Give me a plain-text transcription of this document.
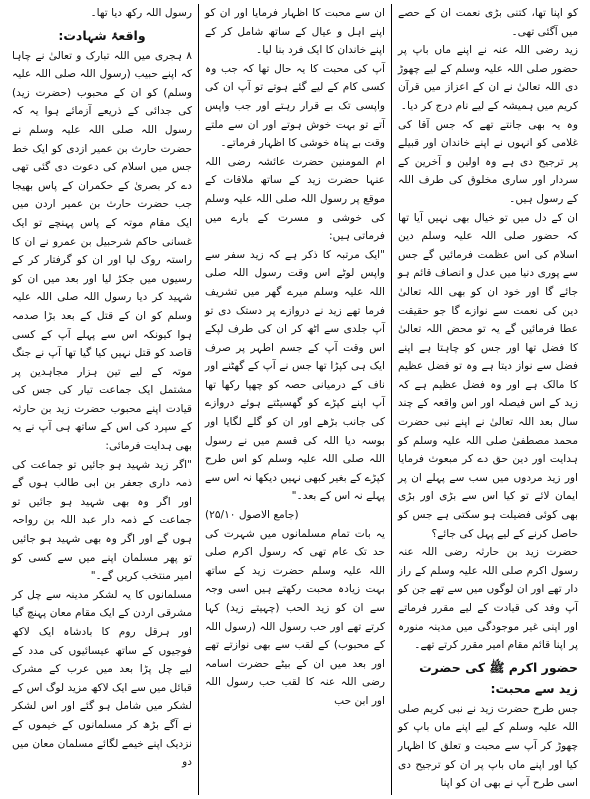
کو اپنا تھا، کتنی بڑی نعمت ان کے حصے میں آگئی تھی۔

زید رضی اللہ عنہ نے اپنے ماں باپ پر حضور صلی اللہ علیہ وسلم کے لیے چھوڑ دی اللہ تعالیٰ نے ان کے اعزاز میں قرآن کریم میں ہمیشہ کے لیے نام درج کر دیا۔

وہ یہ بھی جانتے تھے کہ جس آقا کی غلامی کو انہوں نے اپنے خاندان اور قبیلے پر ترجیح دی ہے وہ اولین و آخرین کے سردار اور ساری مخلوق کی طرف اللہ کے رسول ہیں۔

ان کے دل میں تو خیال بھی نہیں آیا تھا کہ حضور صلی اللہ علیہ وسلم دین اسلام کی اس عظمت فرمائیں گے جس سے پوری دنیا میں عدل و انصاف قائم ہو جائے گا اور خود ان کو بھی اللہ تعالیٰ دین کی نعمت سے نوازے گا جو حقیقت عطا فرمائیں گے یہ تو محض اللہ تعالیٰ کا فضل تھا اور جس کو چاہتا ہے اپنے فضل سے نواز دیتا ہے وہ تو فضل عظیم کا مالک ہے اور وہ فضل عظیم ہے کہ زید کے اس فیصلہ اور اس واقعہ کے چند سال بعد اللہ تعالیٰ نے اپنے نبی حضرت محمد مصطفیٰ صلی اللہ علیہ وسلم کو ہدایت اور دین حق دے کر مبعوث فرمایا اور زید مردوں میں سب سے پہلے ان پر ایمان لائے تو کیا اس سے بڑی اور بڑی بھی کوئی فضیلت ہو سکتی ہے جس کو حاصل کرنے کے لیے پہل کی جائے؟

حضرت زید بن حارثہ رضی اللہ عنہ رسول اکرم صلی اللہ علیہ وسلم کے راز دار تھے اور ان لوگوں میں سے تھے جن کو آپ وفد کی قیادت کے لیے مقرر فرماتے اور اپنی غیر موجودگی میں مدینہ منورہ پر اپنا قائم مقام امیر مقرر کرتے تھے۔

حضور اکرم ﷺ کی حضرت زید سے محبت:

جس طرح حضرت زید نے نبی کریم صلی اللہ علیہ وسلم کے لیے اپنے ماں باپ کو چھوڑ کر آپ سے محبت و تعلق کا اظہار کیا اور اپنے ماں باپ پر ان کو ترجیح دی اسی طرح آپ نے بھی ان کو اپنا

ان سے محبت کا اظہار فرمایا اور ان کو اپنے اہل و عیال کے ساتھ شامل کر کے اپنے خاندان کا ایک فرد بنا لیا۔

آپ کی محبت کا یہ حال تھا کہ جب وہ کسی کام کے لیے گئے ہوتے تو آپ ان کی واپسی تک بے قرار رہتے اور جب واپس آتے تو بہت خوش ہوتے اور ان سے ملتے وقت بے پناہ خوشی کا اظہار فرماتے۔

ام المومنین حضرت عائشہ رضی اللہ عنہا حضرت زید کے ساتھ ملاقات کے موقع پر رسول اللہ صلی اللہ علیہ وسلم کی خوشی و مسرت کے بارے میں فرماتی ہیں:

"ایک مرتبہ کا ذکر ہے کہ زید سفر سے واپس لوٹے اس وقت رسول اللہ صلی اللہ علیہ وسلم میرے گھر میں تشریف فرما تھے زید نے دروازے پر دستک دی تو آپ جلدی سے اٹھ کر ان کی طرف لپکے اس وقت آپ کے جسم اطہر پر صرف ایک ہی کپڑا تھا جس نے آپ کے گھٹنے اور ناف کے درمیانی حصہ کو چھپا رکھا تھا آپ اپنے کپڑے کو گھسیٹتے ہوئے دروازے کی جانب بڑھے اور ان کو گلے لگایا اور بوسہ دیا اللہ کی قسم میں نے رسول اللہ صلی اللہ علیہ وسلم کو اس طرح کپڑے کے بغیر کبھی نہیں دیکھا نہ اس سے پہلے نہ اس کے بعد۔"

(جامع الاصول ۲۵/۱۰)

یہ بات تمام مسلمانوں میں شہرت کی حد تک عام تھی کہ رسول اکرم صلی اللہ علیہ وسلم حضرت زید کے ساتھ بہت زیادہ محبت رکھتے ہیں اسی وجہ سے ان کو زید الحب (چہیتے زید) کہا کرتے تھے اور حب رسول اللہ (رسول اللہ کے محبوب) کے لقب سے بھی نوازتے تھے اور بعد میں ان کے بیٹے حضرت اسامہ رضی اللہ عنہ کا لقب حب رسول اللہ اور ابن حب

رسول اللہ رکھ دیا تھا۔

واقعۂ شہادت:

۸ ہجری میں اللہ تبارک و تعالیٰ نے چاہا کہ اپنے حبیب (رسول اللہ صلی اللہ علیہ وسلم) کو ان کے محبوب (حضرت زید) کی جدائی کے ذریعے آزمائے ہوا یہ کہ رسول اللہ صلی اللہ علیہ وسلم نے حضرت حارث بن عمیر ازدی کو ایک خط جس میں اسلام کی دعوت دی گئی تھی دے کر بصریٰ کے حکمران کے پاس بھیجا جب حضرت حارث بن عمیر اردن میں ایک مقام موتہ کے پاس پہنچے تو ایک غسانی حاکم شرحبیل بن عمرو نے ان کا راستہ روک لیا اور ان کو گرفتار کر کے رسیوں میں جکڑ لیا اور بعد میں ان کو شہید کر دیا رسول اللہ صلی اللہ علیہ وسلم کو ان کے قتل کے بعد بڑا صدمہ ہوا کیونکہ اس سے پہلے آپ کے کسی قاصد کو قتل نہیں کیا گیا تھا آپ نے جنگ موتہ کے لیے تین ہزار مجاہدین پر مشتمل ایک جماعت تیار کی جس کی قیادت اپنے محبوب حضرت زید بن حارثہ کے سپرد کی اس کے ساتھ ہی آپ نے یہ بھی ہدایت فرمائی:

"اگر زید شہید ہو جائیں تو جماعت کی ذمہ داری جعفر بن ابی طالب ہوں گے اور اگر وہ بھی شہید ہو جائیں تو جماعت کے ذمہ دار عبد اللہ بن رواحہ ہوں گے اور اگر وہ بھی شہید ہو جائیں تو پھر مسلمان اپنے میں سے کسی کو امیر منتخب کریں گے۔"

مسلمانوں کا یہ لشکر مدینہ سے چل کر مشرقی اردن کے ایک مقام معان پہنچ گیا اور ہرقل روم کا بادشاہ ایک لاکھ فوجیوں کے ساتھ عیسائیوں کی مدد کے لیے چل پڑا بعد میں عرب کے مشرک قبائل میں سے ایک لاکھ مزید لوگ اس کے لشکر میں شامل ہو گئے اور اس لشکر نے آگے بڑھ کر مسلمانوں کے خیموں کے نزدیک اپنے خیمے لگائے مسلمان معان میں دو
